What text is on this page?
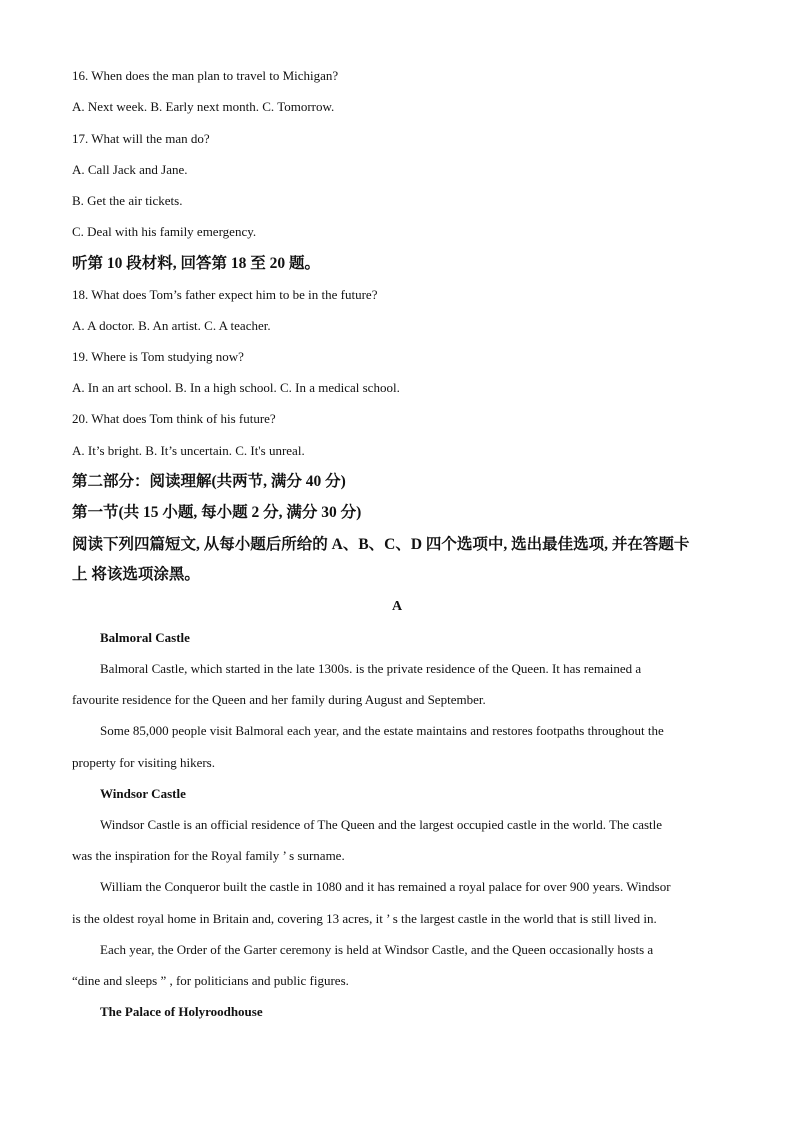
16. When does the man plan to travel to Michigan?
A. Next week. B. Early next month. C. Tomorrow.
17. What will the man do?
A. Call Jack and Jane.
B. Get the air tickets.
C. Deal with his family emergency.
听第 10 段材料, 回答第 18 至 20 题。
18. What does Tom’s father expect him to be in the future?
A. A doctor. B. An artist. C. A teacher.
19. Where is Tom studying now?
A. In an art school. B. In a high school. C. In a medical school.
20. What does Tom think of his future?
A. It’s bright. B. It’s uncertain. C. It's unreal.
第二部分：阅读理解(共两节, 满分 40 分)
第一节(共 15 小题, 每小题 2 分, 满分 30 分)
阅读下列四篇短文, 从每小题后所给的 A、B、C、D 四个选项中, 选出最佳选项, 并在答题卡
上 将该选项涂黑。
A
Balmoral Castle
Balmoral Castle, which started in the late 1300s. is the private residence of the Queen. It has remained a
favourite residence for the Queen and her family during August and September.
Some 85,000 people visit Balmoral each year, and the estate maintains and restores footpaths throughout the
property for visiting hikers.
Windsor Castle
Windsor Castle is an official residence of The Queen and the largest occupied castle in the world. The castle
was the inspiration for the Royal family ’ s surname.
William the Conqueror built the castle in 1080 and it has remained a royal palace for over 900 years. Windsor
is the oldest royal home in Britain and, covering 13 acres, it ’ s the largest castle in the world that is still lived in.
Each year, the Order of the Garter ceremony is held at Windsor Castle, and the Queen occasionally hosts a
“dine and sleeps ” , for politicians and public figures.
The Palace of Holyroodhouse
